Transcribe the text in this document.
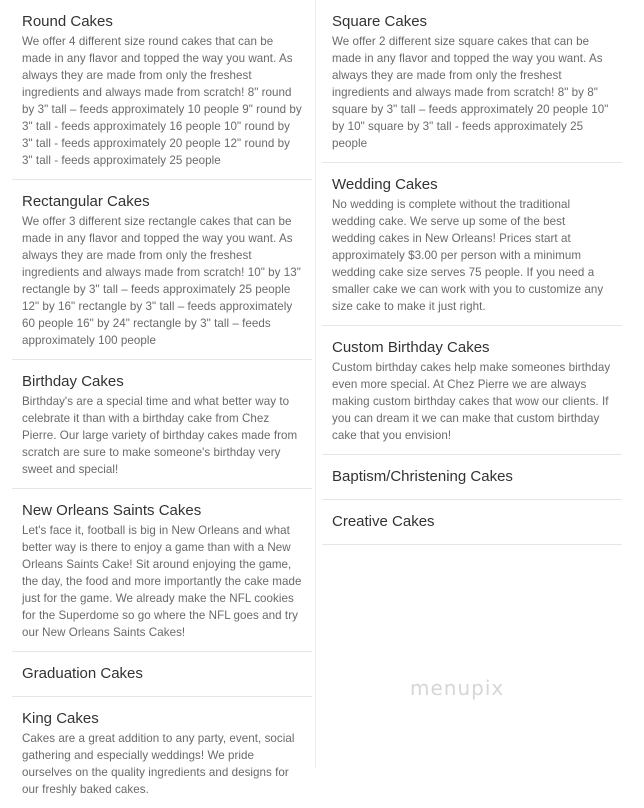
Round Cakes

We offer 4 different size round cakes that can be made in any flavor and topped the way you want. As always they are made from only the freshest ingredients and always made from scratch! 8" round by 3" tall – feeds approximately 10 people 9" round by 3" tall - feeds approximately 16 people 10" round by 3" tall - feeds approximately 20 people 12" round by 3" tall - feeds approximately 25 people

Rectangular Cakes

We offer 3 different size rectangle cakes that can be made in any flavor and topped the way you want. As always they are made from only the freshest ingredients and always made from scratch! 10" by 13" rectangle by 3" tall – feeds approximately 25 people 12" by 16" rectangle by 3" tall – feeds approximately 60 people 16" by 24" rectangle by 3" tall – feeds approximately 100 people

Birthday Cakes

Birthday's are a special time and what better way to celebrate it than with a birthday cake from Chez Pierre. Our large variety of birthday cakes made from scratch are sure to make someone's birthday very sweet and special!

New Orleans Saints Cakes

Let's face it, football is big in New Orleans and what better way is there to enjoy a game than with a New Orleans Saints Cake! Sit around enjoying the game, the day, the food and more importantly the cake made just for the game. We already make the NFL cookies for the Superdome so go where the NFL goes and try our New Orleans Saints Cakes!

Graduation Cakes
King Cakes

Cakes are a great addition to any party, event, social gathering and especially weddings! We pride ourselves on the quality ingredients and designs for our freshly baked cakes.

Square Cakes

We offer 2 different size square cakes that can be made in any flavor and topped the way you want. As always they are made from only the freshest ingredients and always made from scratch! 8" by 8" square by 3" tall – feeds approximately 20 people 10" by 10" square by 3" tall - feeds approximately 25 people

Wedding Cakes

No wedding is complete without the traditional wedding cake. We serve up some of the best wedding cakes in New Orleans! Prices start at approximately $3.00 per person with a minimum wedding cake size serves 75 people. If you need a smaller cake we can work with you to customize any size cake to make it just right.

Custom Birthday Cakes

Custom birthday cakes help make someones birthday even more special. At Chez Pierre we are always making custom birthday cakes that wow our clients. If you can dream it we can make that custom birthday cake that you envision!

Baptism/Christening Cakes
Creative Cakes
menupix
